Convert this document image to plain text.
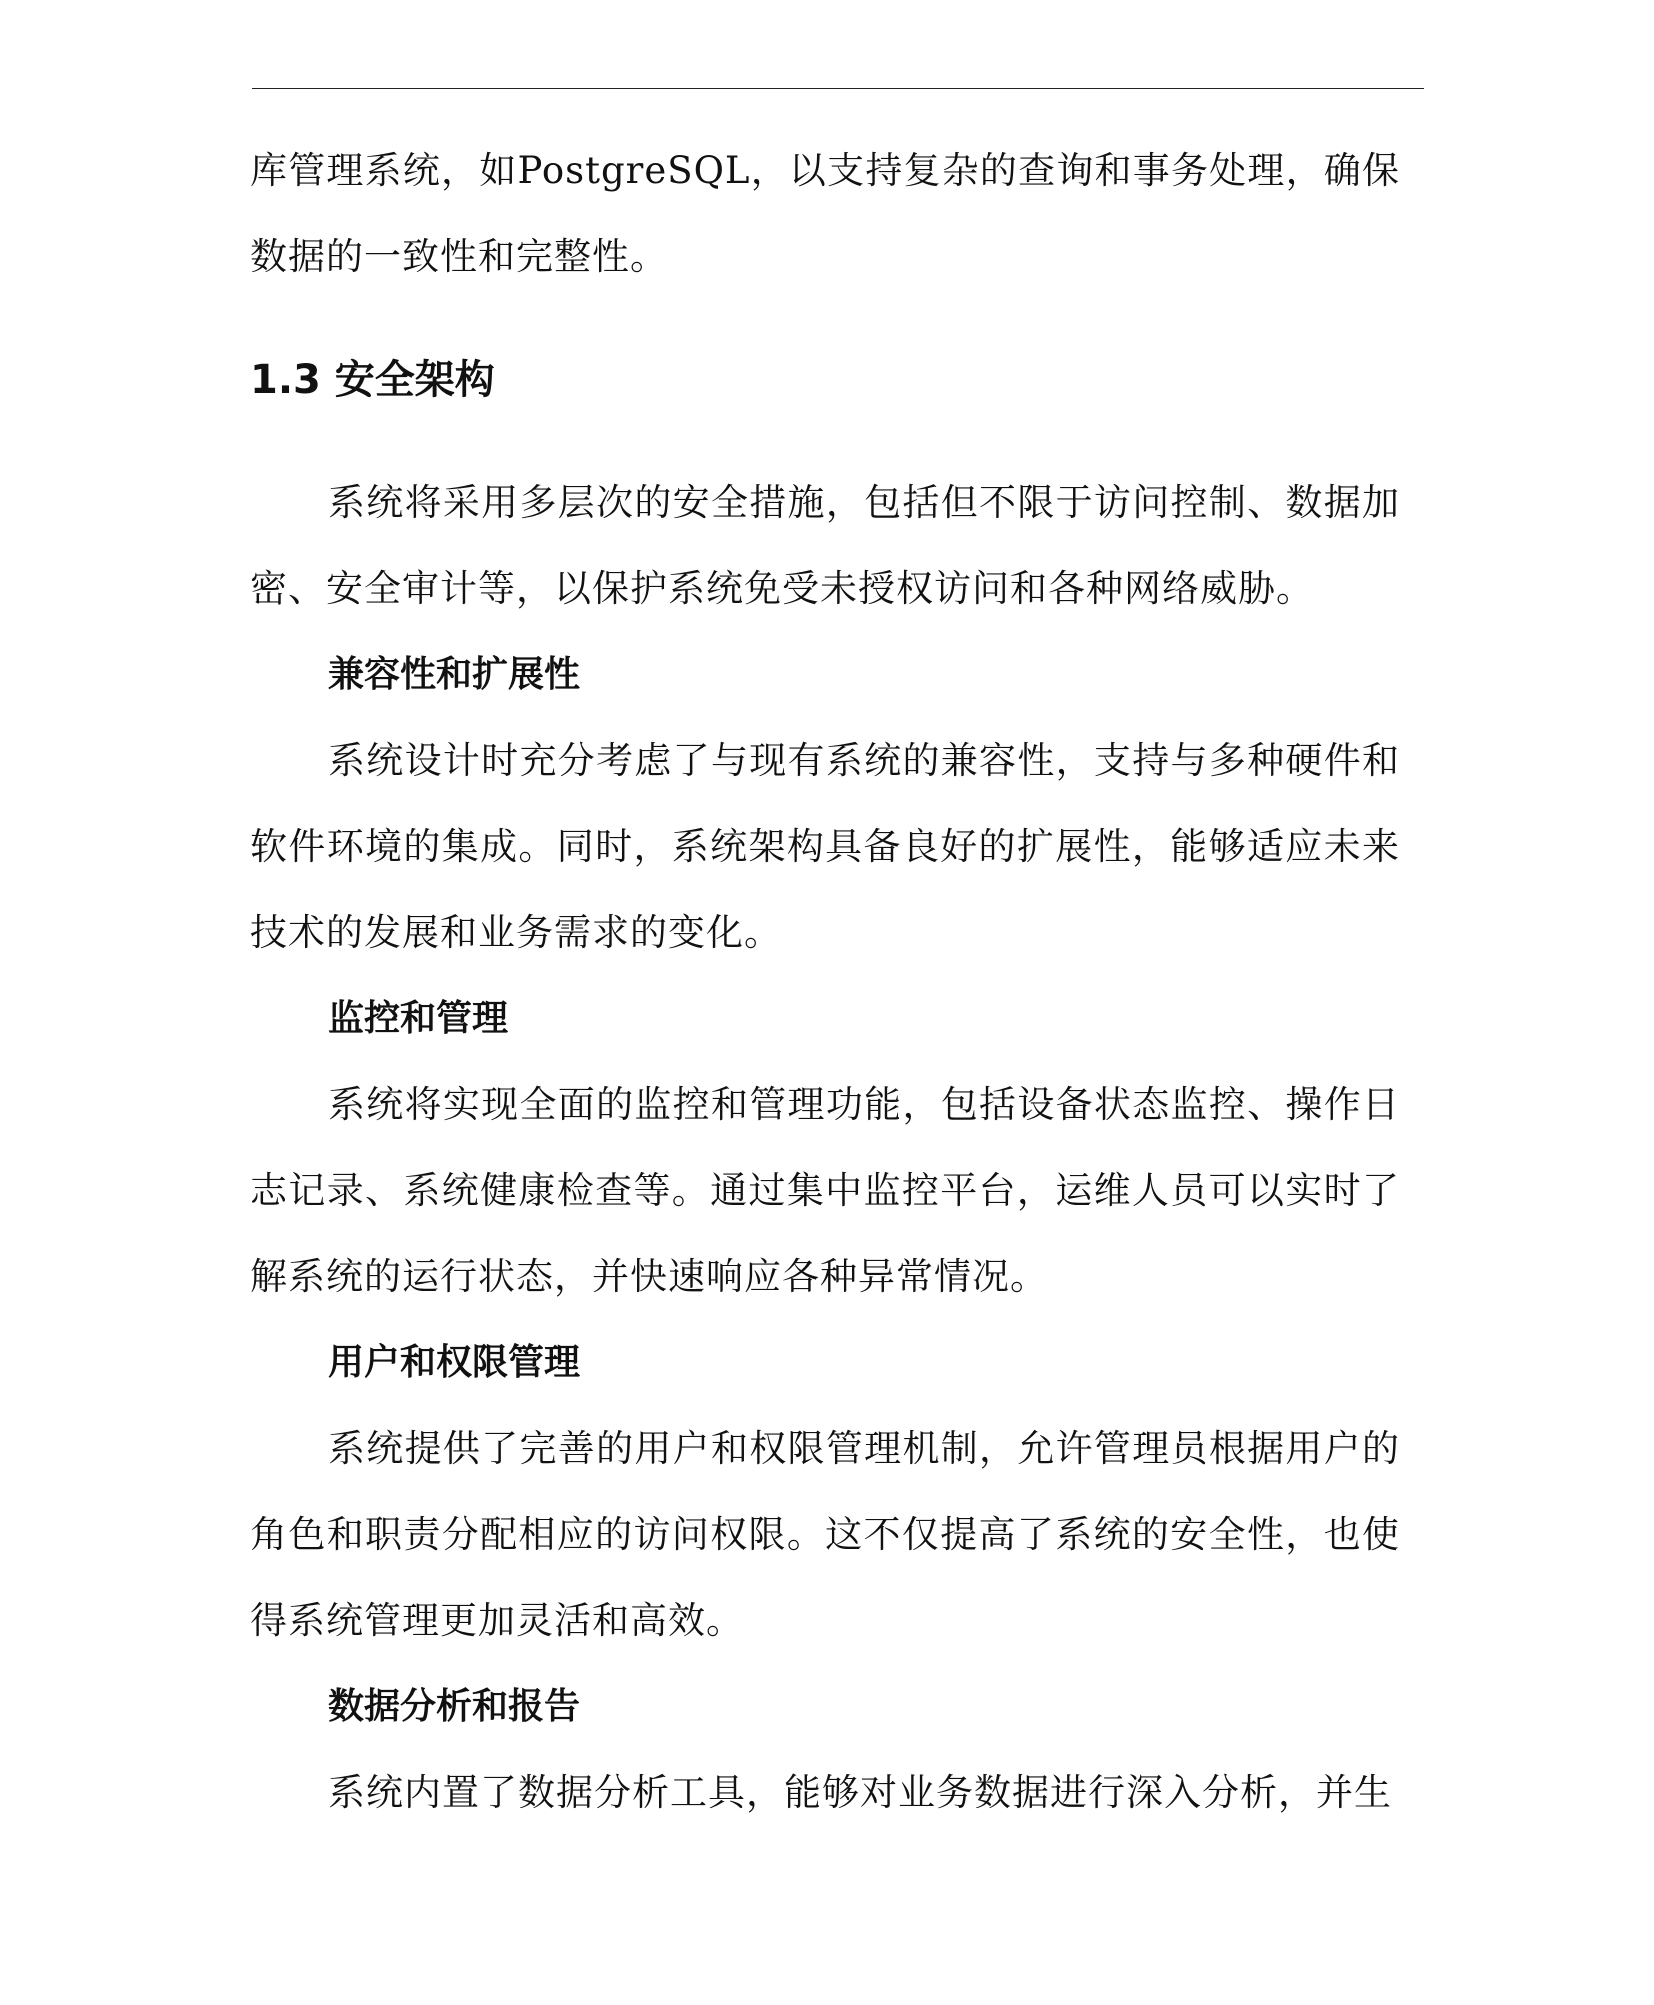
库管理系统，如PostgreSQL，以支持复杂的查询和事务处理，确保数据的一致性和完整性。

1.3 安全架构

系统将采用多层次的安全措施，包括但不限于访问控制、数据加密、安全审计等，以保护系统免受未授权访问和各种网络威胁。

兼容性和扩展性

系统设计时充分考虑了与现有系统的兼容性，支持与多种硬件和软件环境的集成。同时，系统架构具备良好的扩展性，能够适应未来技术的发展和业务需求的变化。

监控和管理

系统将实现全面的监控和管理功能，包括设备状态监控、操作日志记录、系统健康检查等。通过集中监控平台，运维人员可以实时了解系统的运行状态，并快速响应各种异常情况。

用户和权限管理

系统提供了完善的用户和权限管理机制，允许管理员根据用户的角色和职责分配相应的访问权限。这不仅提高了系统的安全性，也使得系统管理更加灵活和高效。

数据分析和报告

系统内置了数据分析工具，能够对业务数据进行深入分析，并生
